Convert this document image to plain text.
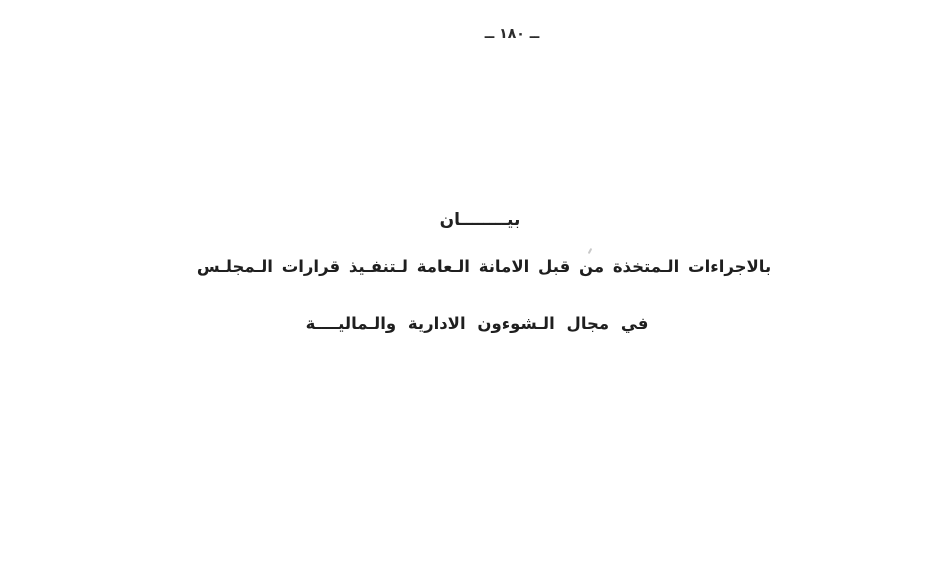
ــ ١٨٠ ــ
بيــــــــان
بالاجراءات الـمتخذة من قبل الامانة الـعامة لـتنفـيذ قرارات الـمجلـس
في مجال الـشوءون الادارية والـماليــــة
